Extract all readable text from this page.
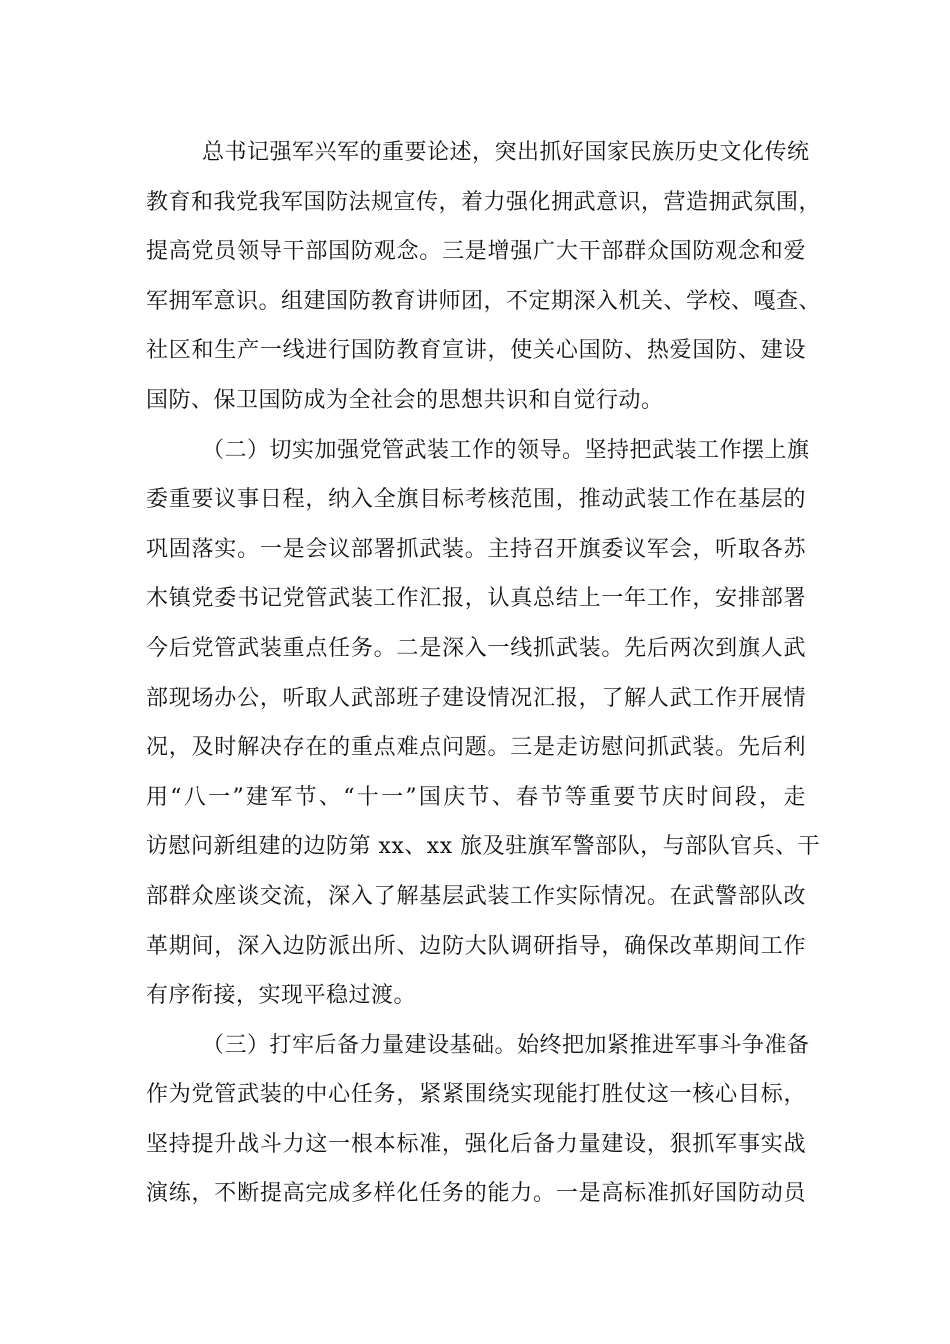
总书记强军兴军的重要论述，突出抓好国家民族历史文化传统
教育和我党我军国防法规宣传，着力强化拥武意识，营造拥武氛围，
提高党员领导干部国防观念。三是增强广大干部群众国防观念和爱
军拥军意识。组建国防教育讲师团，不定期深入机关、学校、嘎查、
社区和生产一线进行国防教育宣讲，使关心国防、热爱国防、建设
国防、保卫国防成为全社会的思想共识和自觉行动。
（二）切实加强党管武装工作的领导。坚持把武装工作摆上旗
委重要议事日程，纳入全旗目标考核范围，推动武装工作在基层的
巩固落实。一是会议部署抓武装。主持召开旗委议军会，听取各苏
木镇党委书记党管武装工作汇报，认真总结上一年工作，安排部署
今后党管武装重点任务。二是深入一线抓武装。先后两次到旗人武
部现场办公，听取人武部班子建设情况汇报，了解人武工作开展情
况，及时解决存在的重点难点问题。三是走访慰问抓武装。先后利
用“八一”建军节、“十一”国庆节、春节等重要节庆时间段，走
访慰问新组建的边防第 xx、xx 旅及驻旗军警部队，与部队官兵、干
部群众座谈交流，深入了解基层武装工作实际情况。在武警部队改
革期间，深入边防派出所、边防大队调研指导，确保改革期间工作
有序衔接，实现平稳过渡。
（三）打牢后备力量建设基础。始终把加紧推进军事斗争准备
作为党管武装的中心任务，紧紧围绕实现能打胜仗这一核心目标，
坚持提升战斗力这一根本标准，强化后备力量建设，狠抓军事实战
演练，不断提高完成多样化任务的能力。一是高标准抓好国防动员
